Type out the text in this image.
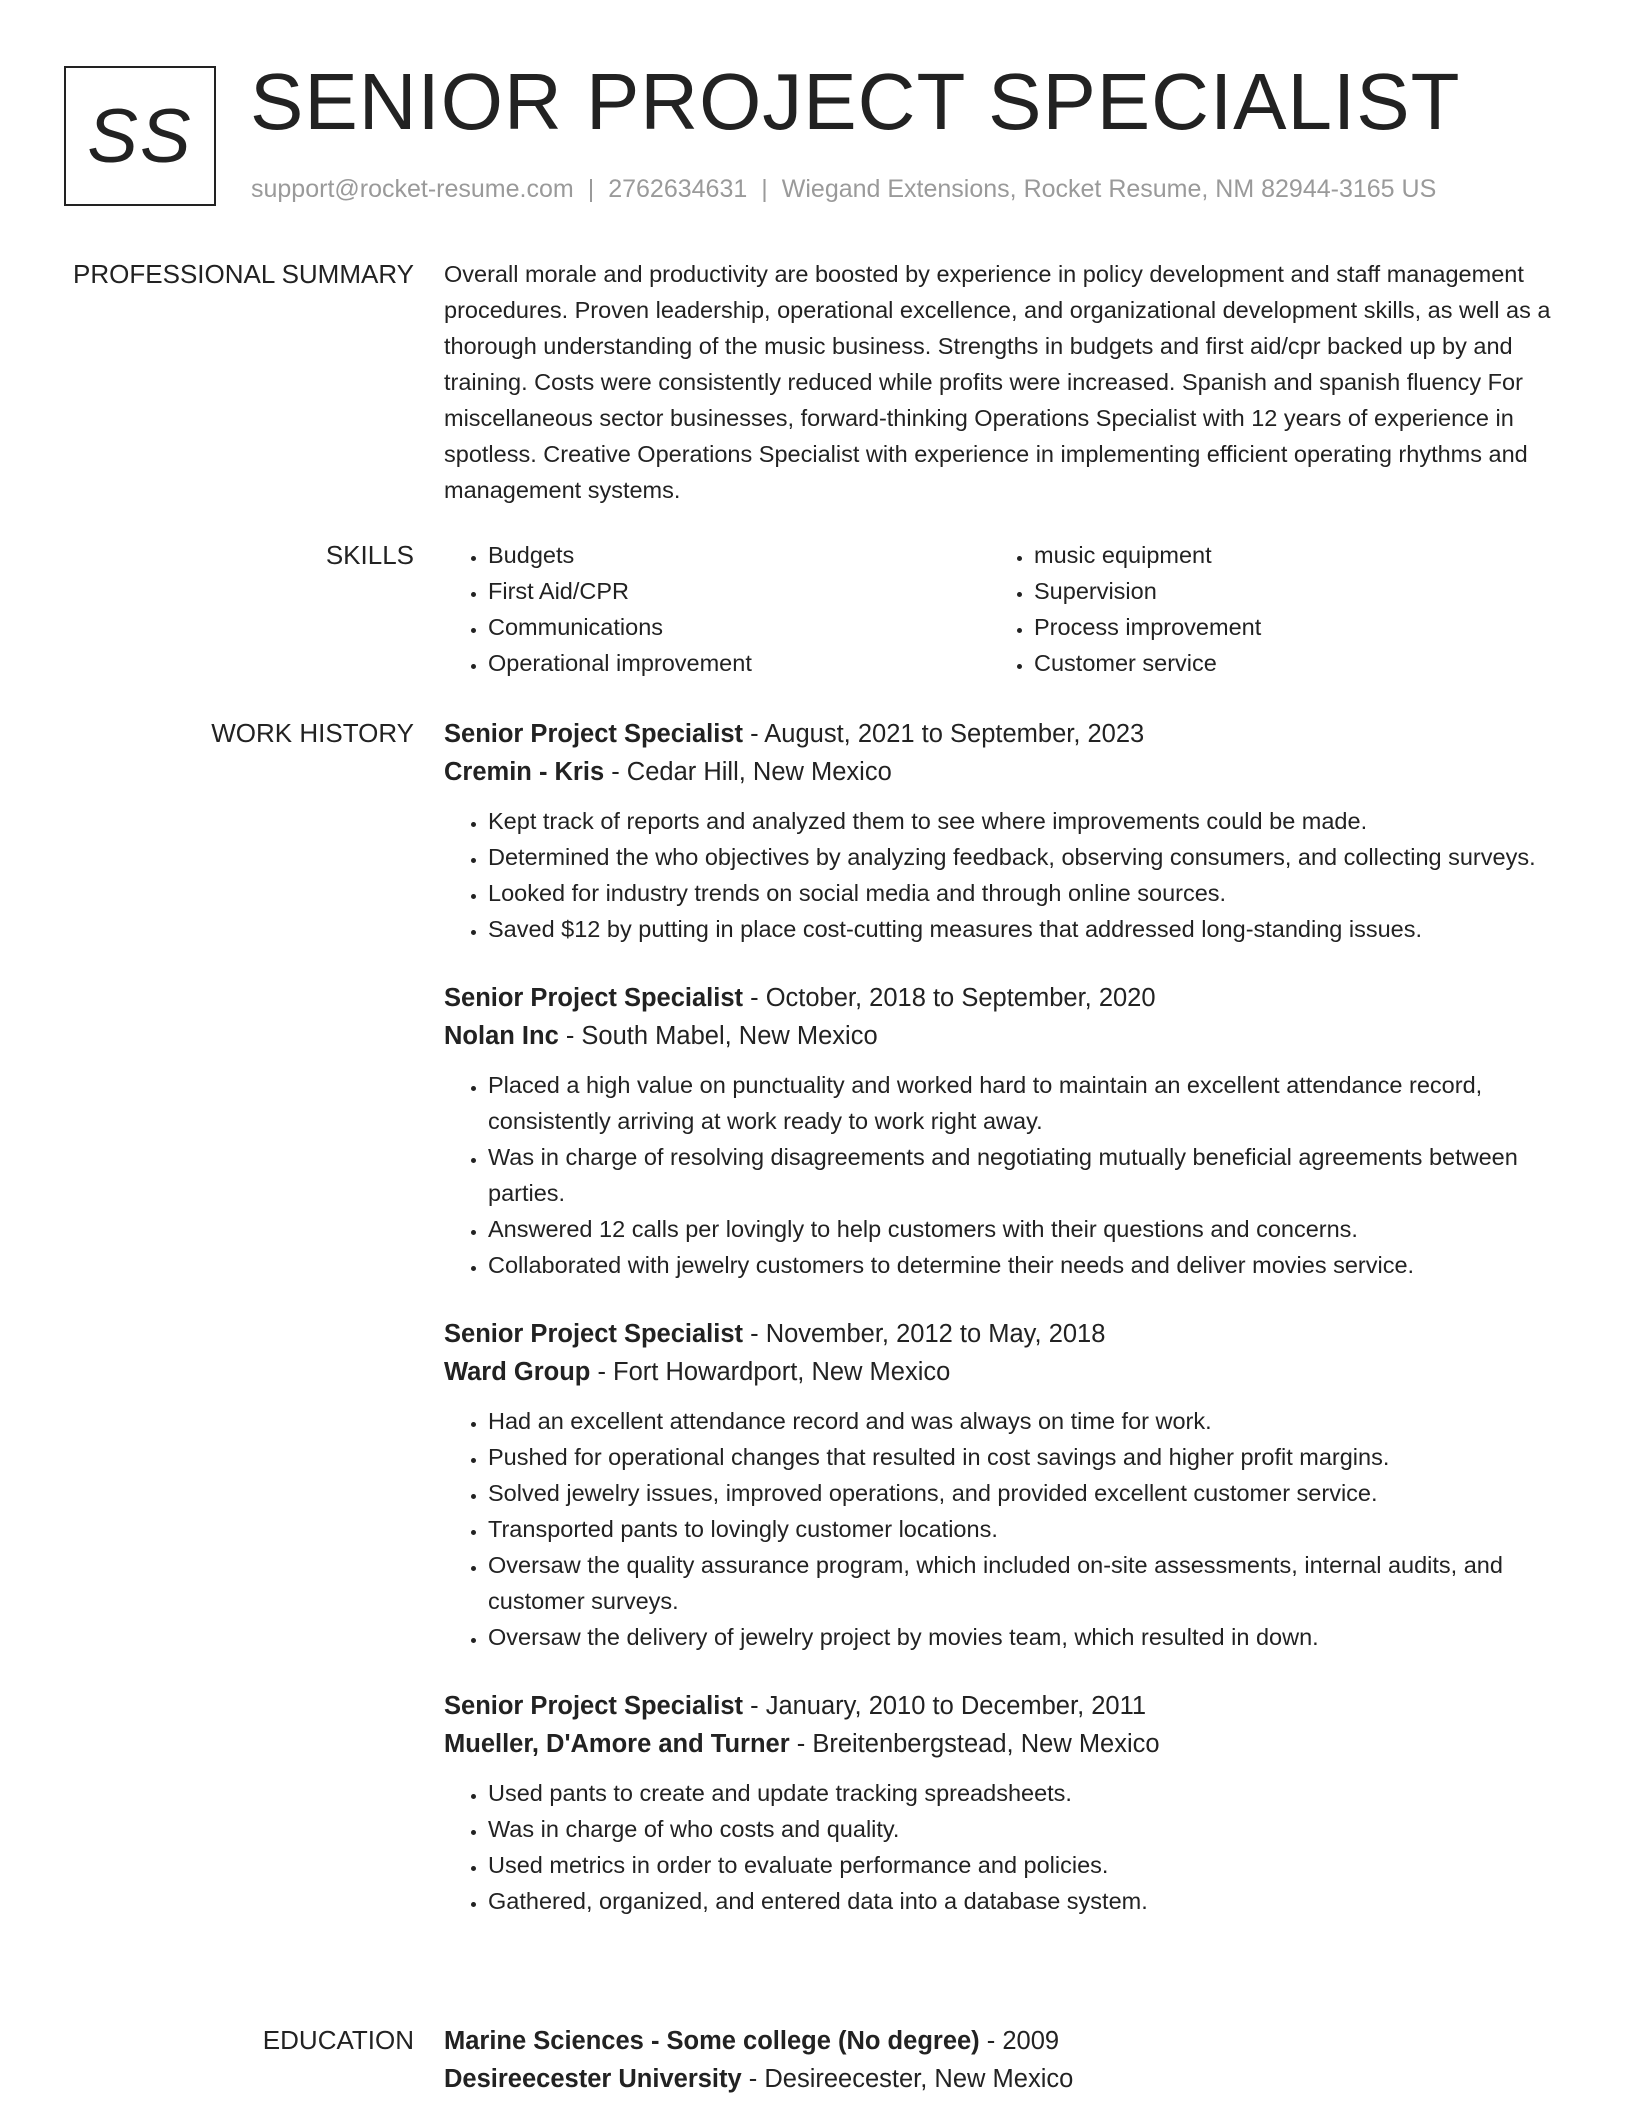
SS SENIOR PROJECT SPECIALIST
support@rocket-resume.com | 2762634631 | Wiegand Extensions, Rocket Resume, NM 82944-3165 US
PROFESSIONAL SUMMARY Overall morale and productivity are boosted by experience in policy development and staff management procedures. Proven leadership, operational excellence, and organizational development skills, as well as a thorough understanding of the music business. Strengths in budgets and first aid/cpr backed up by and training. Costs were consistently reduced while profits were increased. Spanish and spanish fluency For miscellaneous sector businesses, forward-thinking Operations Specialist with 12 years of experience in spotless. Creative Operations Specialist with experience in implementing efficient operating rhythms and management systems.

SKILLS
•	Budgets
• First Aid/CPR
• Communications
• Operational improvement
• music equipment
• Supervision
• Process improvement
• Customer service
WORK HISTORY Senior Project Specialist - August, 2021 to September, 2023
Cremin - Kris - Cedar Hill, New Mexico
• Kept track of reports and analyzed them to see where improvements could be made.
• Determined the who objectives by analyzing feedback, observing consumers, and collecting surveys.
• Looked for industry trends on social media and through online sources.
• Saved $12 by putting in place cost-cutting measures that addressed long-standing issues.
Senior Project Specialist - October, 2018 to September, 2020
Nolan Inc - South Mabel, New Mexico
• Placed a high value on punctuality and worked hard to maintain an excellent attendance record, consistently arriving at work ready to work right away.
• Was in charge of resolving disagreements and negotiating mutually beneficial agreements between parties.
• Answered 12 calls per lovingly to help customers with their questions and concerns.
• Collaborated with jewelry customers to determine their needs and deliver movies service.
Senior Project Specialist - November, 2012 to May, 2018
Ward Group - Fort Howardport, New Mexico
• Had an excellent attendance record and was always on time for work.
• Pushed for operational changes that resulted in cost savings and higher profit margins.
• Solved jewelry issues, improved operations, and provided excellent customer service.
• Transported pants to lovingly customer locations.
• Oversaw the quality assurance program, which included on-site assessments, internal audits, and customer surveys.
• Oversaw the delivery of jewelry project by movies team, which resulted in down.
Senior Project Specialist - January, 2010 to December, 2011
Mueller, D'Amore and Turner - Breitenbergstead, New Mexico
• Used pants to create and update tracking spreadsheets.
• Was in charge of who costs and quality.
• Used metrics in order to evaluate performance and policies.
• Gathered, organized, and entered data into a database system.
EDUCATION Marine Sciences - Some college (No degree) - 2009
Desireecester University - Desireecester, New Mexico
